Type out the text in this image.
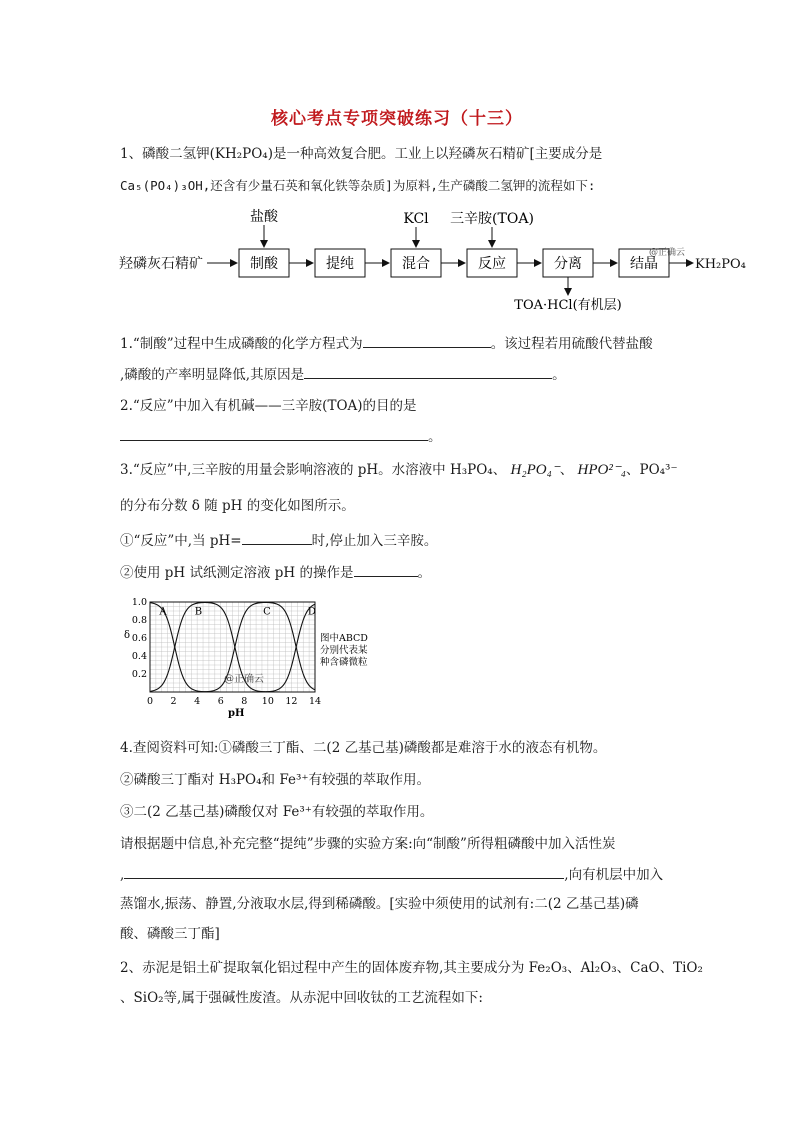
核心考点专项突破练习（十三）
1、磷酸二氢钾(KH₂PO₄)是一种高效复合肥。工业上以羟磷灰石精矿[主要成分是
Ca₅(PO₄)₃OH,还含有少量石英和氧化铁等杂质]为原料,生产磷酸二氢钾的流程如下:
羟磷灰石精矿	制酸	提纯	混合	反应	分离	结晶
@正确云
KH₂PO₄
盐酸	KCl 三辛胺(TOA)
TOA·HCl(有机层)
1.“制酸”过程中生成磷酸的化学方程式为	。该过程若用硫酸代替盐酸
,磷酸的产率明显降低,其原因是	。
2.“反应”中加入有机碱——三辛胺(TOA)的目的是
。
3.“反应”中,三辛胺的用量会影响溶液的 pH。水溶液中 H₃PO₄、 H₂PO₄⁻、 HPO²⁻₄、PO₄³⁻
的分布分数 δ 随 pH 的变化如图所示。
①“反应”中,当 pH=	时,停止加入三辛胺。
②使用 pH 试纸测定溶液 pH 的操作是	。
A	B	C	D
0 2 4 6 8 10 12 14
0.2
0.4
0.6
0.8
1.0
δ
pH
图中ABCD
分别代表某
种含磷微粒
@正确云
4.查阅资料可知:①磷酸三丁酯、二(2 乙基己基)磷酸都是难溶于水的液态有机物。
②磷酸三丁酯对 H₃PO₄和 Fe³⁺有较强的萃取作用。
③二(2 乙基己基)磷酸仅对 Fe³⁺有较强的萃取作用。
请根据题中信息,补充完整“提纯”步骤的实验方案:向“制酸”所得粗磷酸中加入活性炭
,	,向有机层中加入
蒸馏水,振荡、静置,分液取水层,得到稀磷酸。[实验中须使用的试剂有:二(2 乙基己基)磷
酸、磷酸三丁酯]
2、赤泥是铝土矿提取氧化铝过程中产生的固体废弃物,其主要成分为 Fe₂O₃、Al₂O₃、CaO、TiO₂
、SiO₂等,属于强碱性废渣。从赤泥中回收钛的工艺流程如下:
